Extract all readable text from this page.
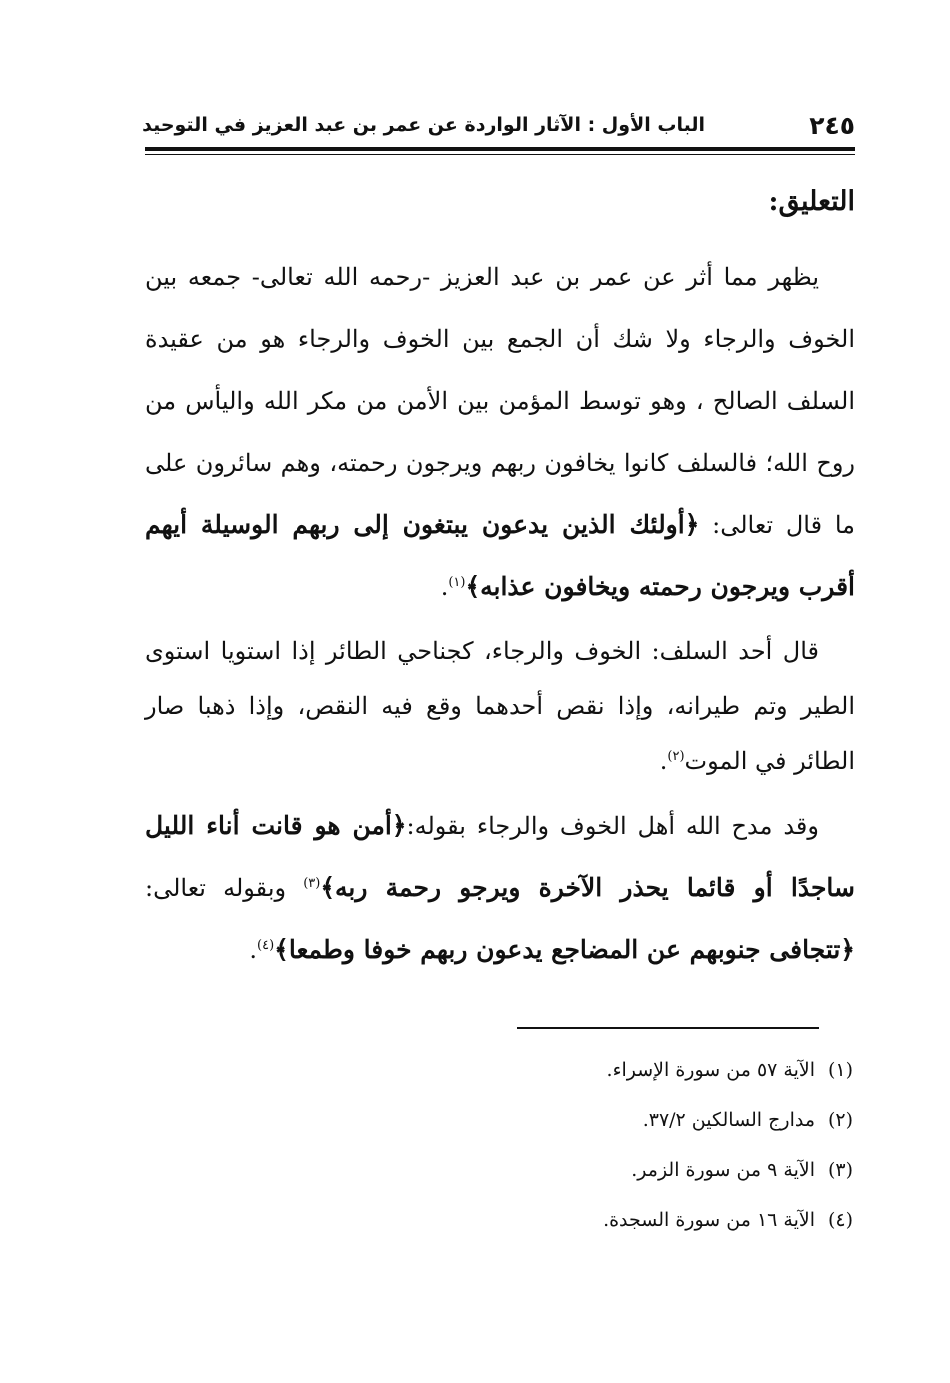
٢٤٥
الباب الأول : الآثار الواردة عن عمر بن عبد العزيز في التوحيد
التعليق:

يظهر مما أثر عن عمر بن عبد العزيز -رحمه الله تعالى- جمعه بين الخوف والرجاء ولا شك أن الجمع بين الخوف والرجاء هو من عقيدة السلف الصالح ، وهو توسط المؤمن بين الأمن من مكر الله واليأس من روح الله؛ فالسلف كانوا يخافون ربهم ويرجون رحمته، وهم سائرون على ما قال تعالى: ﴿أولئك الذين يدعون يبتغون إلى ربهم الوسيلة أيهم أقرب ويرجون رحمته ويخافون عذابه﴾$^{(١)}$.

قال أحد السلف: الخوف والرجاء، كجناحي الطائر إذا استويا استوى الطير وتم طيرانه، وإذا نقص أحدهما وقع فيه النقص، وإذا ذهبا صار الطائر في الموت$^{(٢)}$.

وقد مدح الله أهل الخوف والرجاء بقوله:﴿أمن هو قانت أناء الليل ساجدًا أو قائما يحذر الآخرة ويرجو رحمة ربه﴾$^{(٣)}$ وبقوله تعالى: ﴿تتجافى جنوبهم عن المضاجع يدعون ربهم خوفا وطمعا﴾$^{(٤)}$.

(١)الآية ٥٧ من سورة الإسراء.
(٢)مدارج السالكين ٣٧/٢.
(٣)الآية ٩ من سورة الزمر.
(٤)الآية ١٦ من سورة السجدة.
